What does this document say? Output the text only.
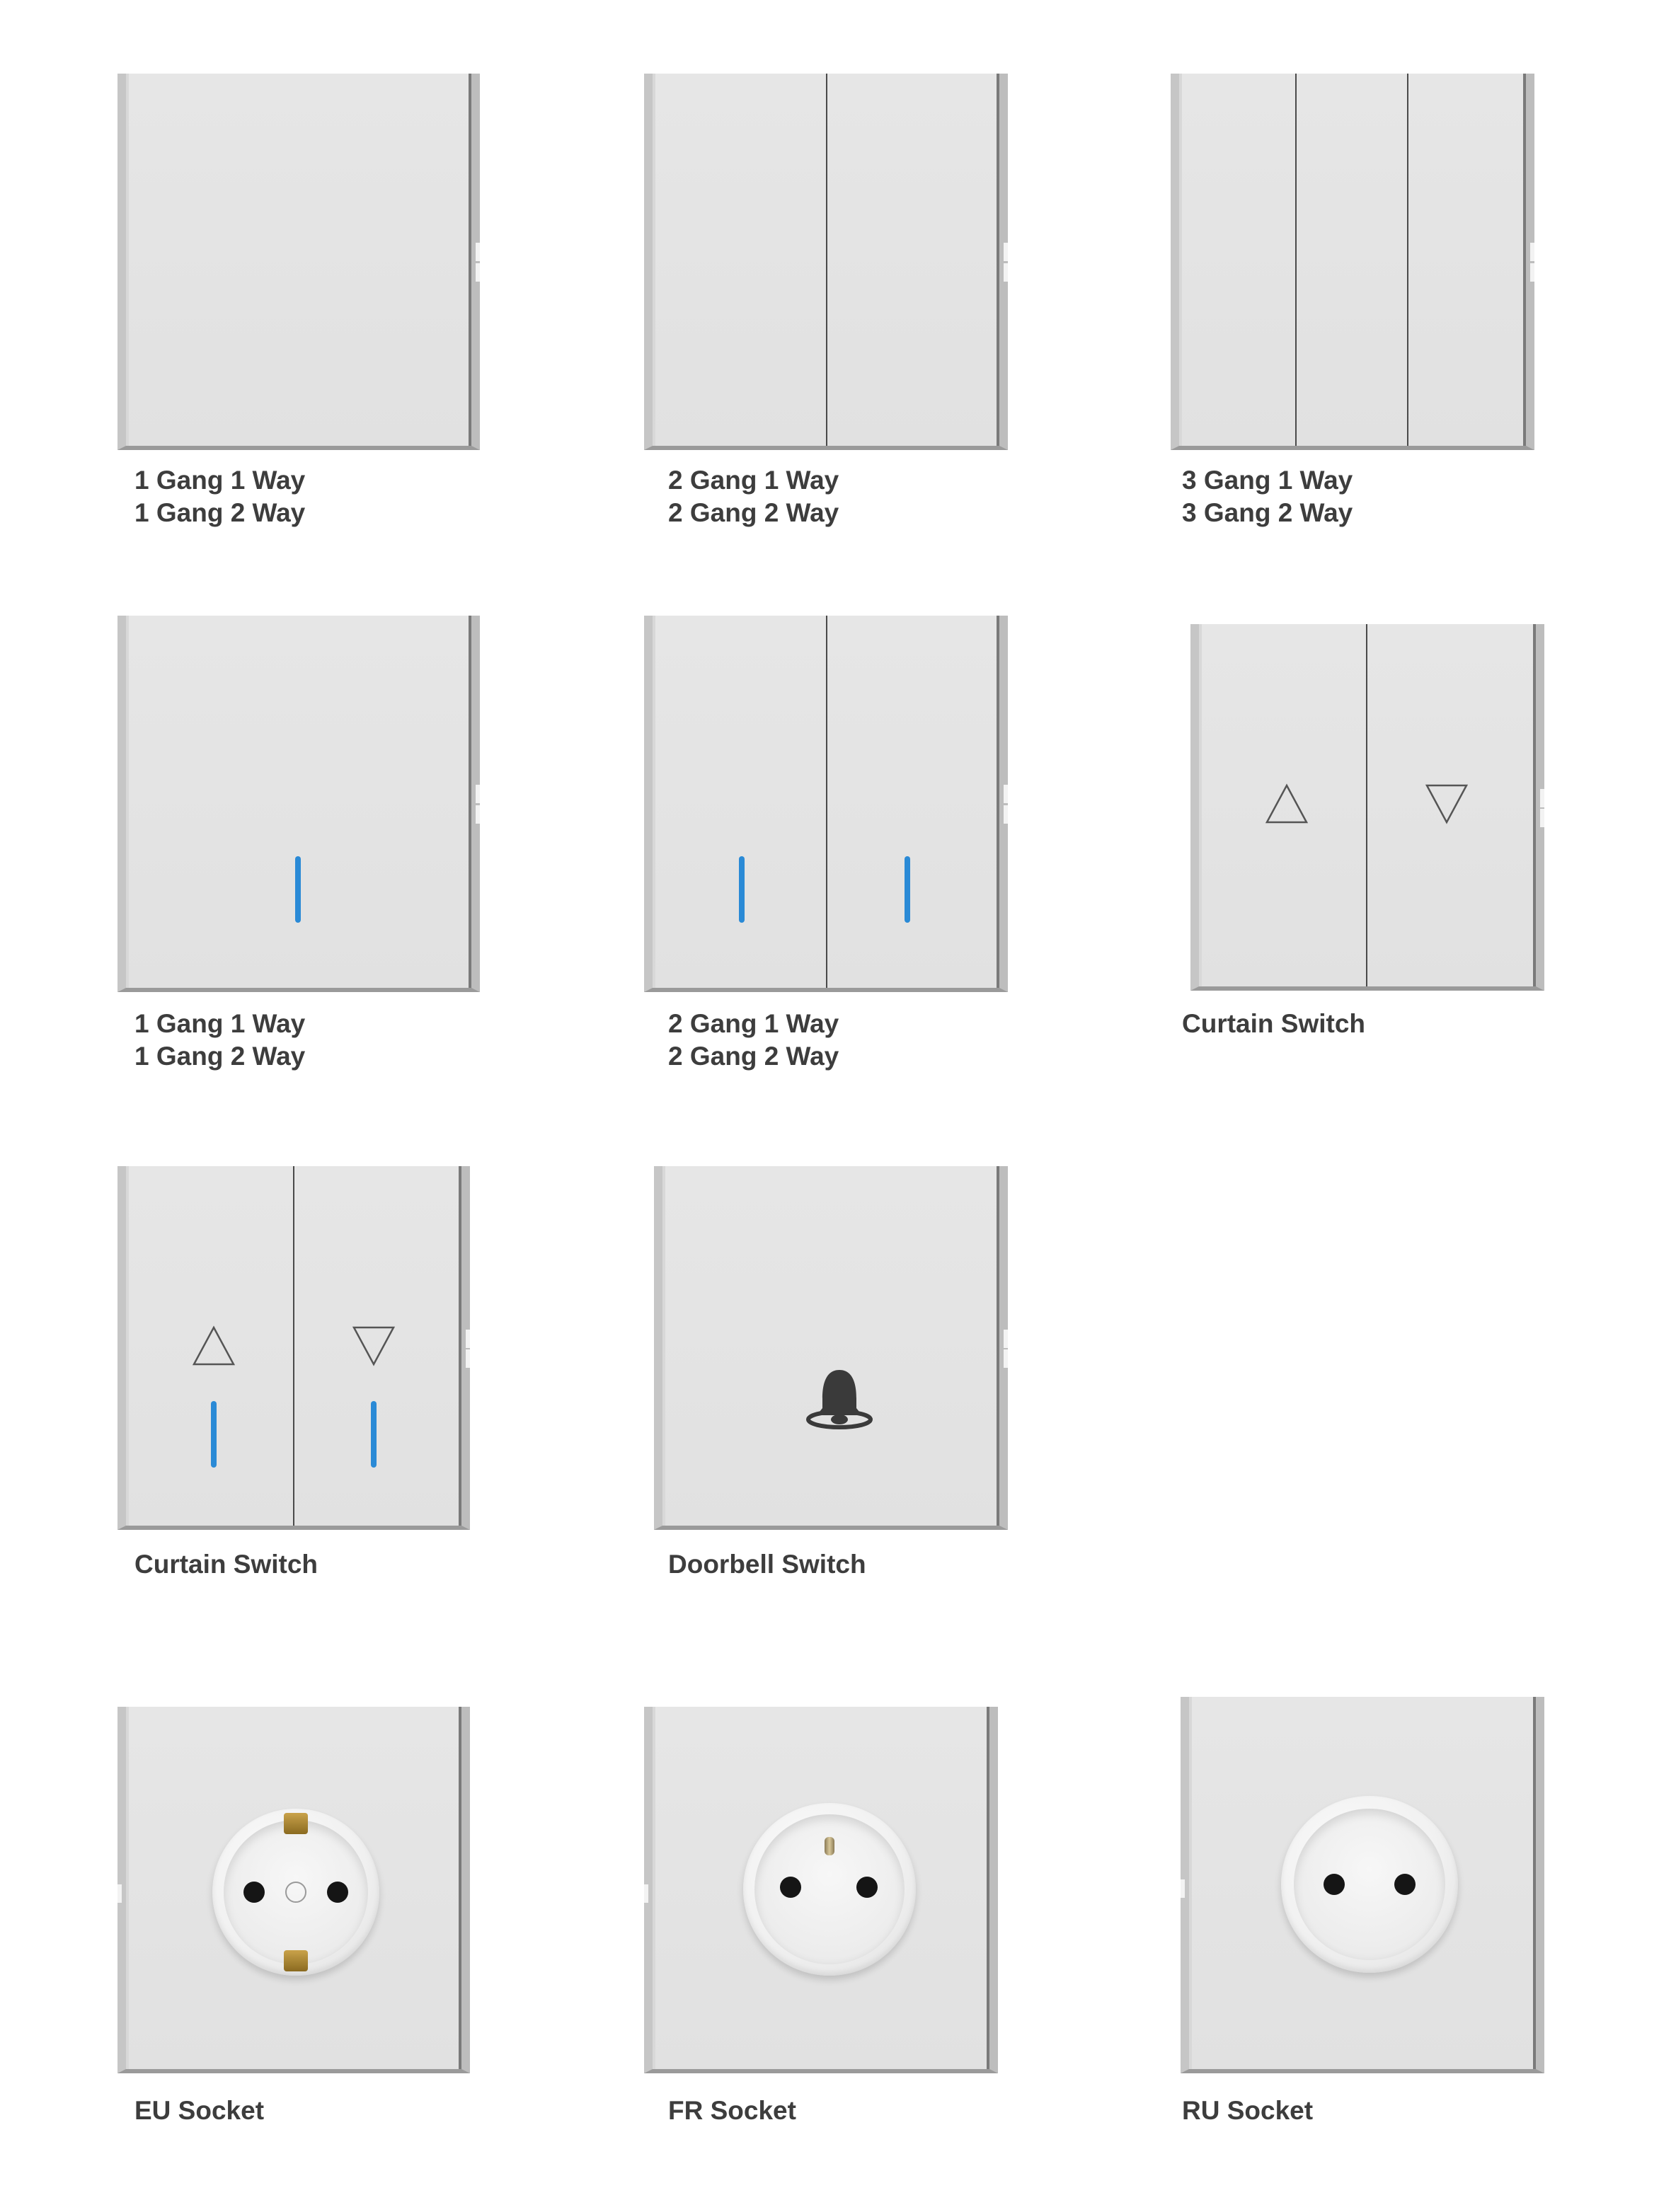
1 Gang 1 Way
1 Gang 2 Way
2 Gang 1 Way
2 Gang 2 Way
3 Gang 1 Way
3 Gang 2 Way
1 Gang 1 Way
1 Gang 2 Way
2 Gang 1 Way
2 Gang 2 Way
Curtain Switch
Curtain Switch	Doorbell Switch
EU Socket	FR Socket	RU Socket
